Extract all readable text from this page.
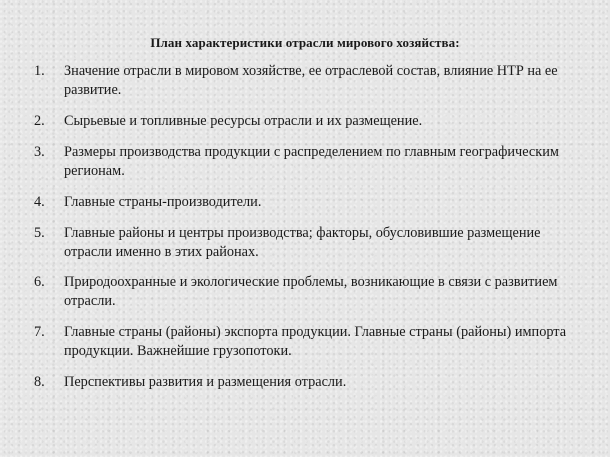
План характеристики отрасли мирового хозяйства:
1.	Значение отрасли в мировом хозяйстве, ее отраслевой состав, влияние НТР на ее развитие.
2.	Сырьевые и топливные ресурсы отрасли и их размещение.
3.	Размеры производства продукции с распределением по главным географическим регионам.
4.	Главные страны-производители.
5.	Главные районы и центры производства; факторы, обусловившие размещение отрасли именно в этих районах.
6.	Природоохранные и экологические проблемы, возникающие в связи с развитием отрасли.
7.	Главные страны (районы) экспорта продукции. Главные страны (районы) импорта продукции. Важнейшие грузопотоки.
8.	Перспективы развития и размещения отрасли.
